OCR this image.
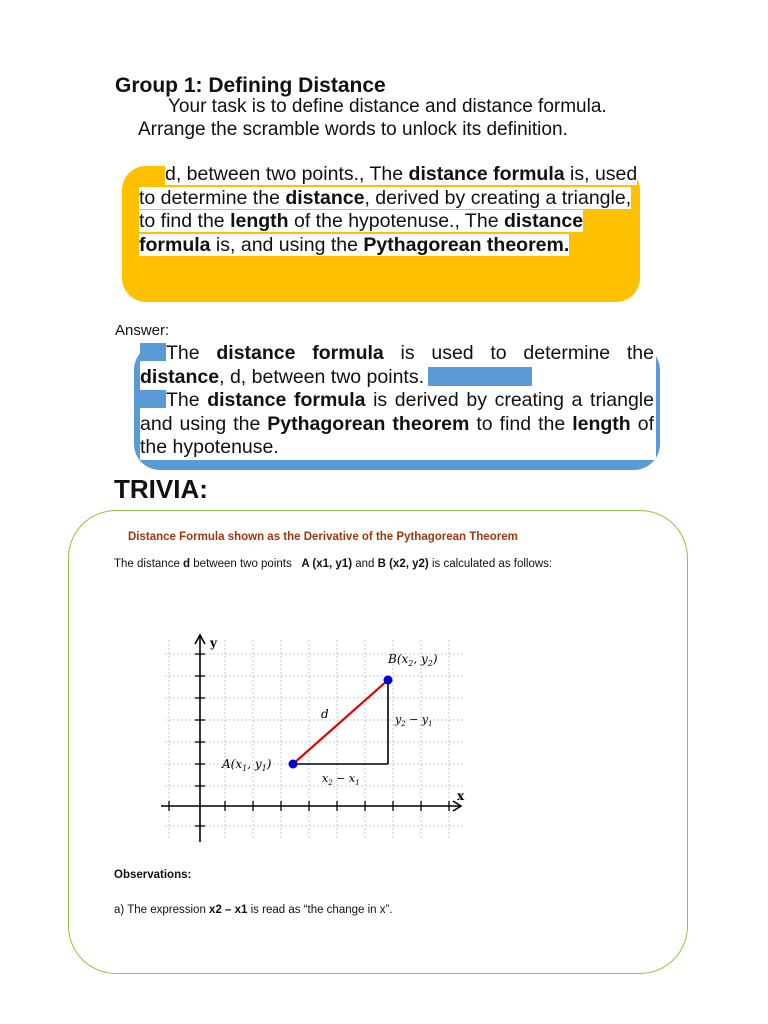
Group 1: Defining Distance

Your task is to define distance and distance formula. Arrange the scramble words to unlock its definition.

d, between two points., The distance formula is, used to determine the distance, derived by creating a triangle, to find the length of the hypotenuse., The distance formula is, and using the Pythagorean theorem.
Answer:

The distance formula is used to determine the distance, d, between two points.

The distance formula is derived by creating a triangle and using the Pythagorean theorem to find the length of the hypotenuse.

TRIVIA:
Distance Formula shown as the Derivative of the Pythagorean Theorem
The distance d between two points   A (x1, y1) and B (x2, y2) is calculated as follows:
x
y
$A(x_1$, $y_1$)
$B(x_2$, $y_2$)
d
$x_2 - x_1$
$y_2 - y_1$
Observations:
a) The expression x2 – x1 is read as “the change in x”.
